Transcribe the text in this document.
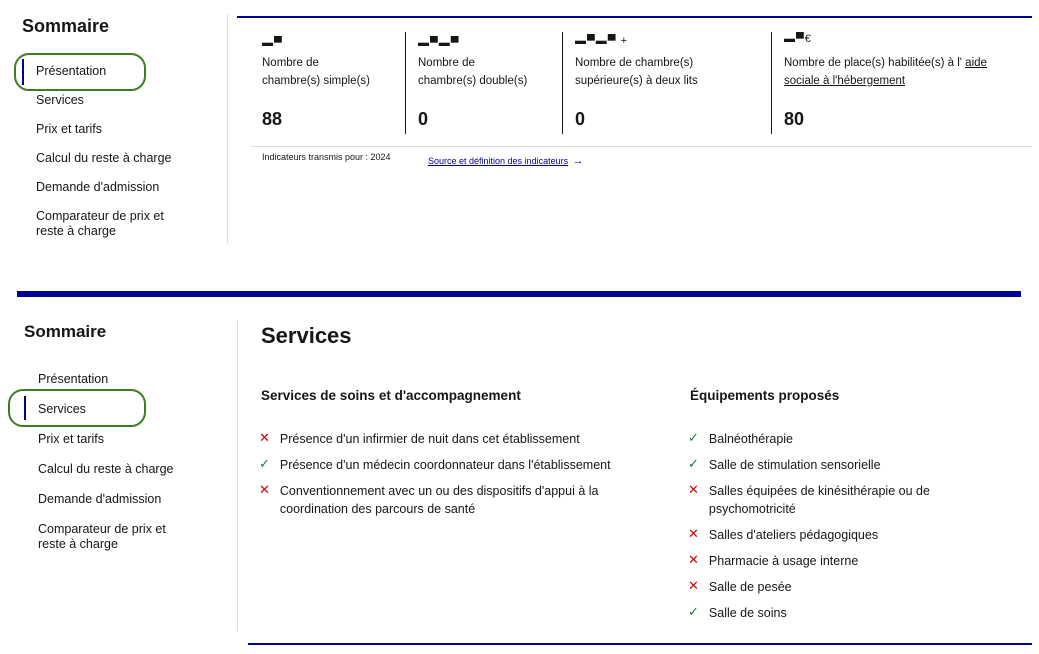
Sommaire
Présentation
Services
Prix et tarifs
Calcul du reste à charge
Demande d'admission
Comparateur de prix et reste à charge
▬▀
Nombre de
chambre(s) simple(s)
88
▬▀▬▀
Nombre de
chambre(s) double(s)
0
▬▀▬▀ +
Nombre de chambre(s)
supérieure(s) à deux lits
0
▬▀€
Nombre de place(s) habilitée(s) à l' aide
sociale à l'hébergement
80
Indicateurs transmis pour : 2024	Source et définition des indicateurs →
Sommaire
Présentation
Services
Prix et tarifs
Calcul du reste à charge
Demande d'admission
Comparateur de prix et reste à charge
Services
Services de soins et d'accompagnement
✕ Présence d'un infirmier de nuit dans cet établissement
✓ Présence d'un médecin coordonnateur dans l'établissement
✕ Conventionnement avec un ou des dispositifs d'appui à la coordination des parcours de santé
Équipements proposés
✓ Balnéothérapie
✓ Salle de stimulation sensorielle
✕ Salles équipées de kinésithérapie ou de psychomotricité
✕ Salles d'ateliers pédagogiques
✕ Pharmacie à usage interne
✕ Salle de pesée
✓ Salle de soins
